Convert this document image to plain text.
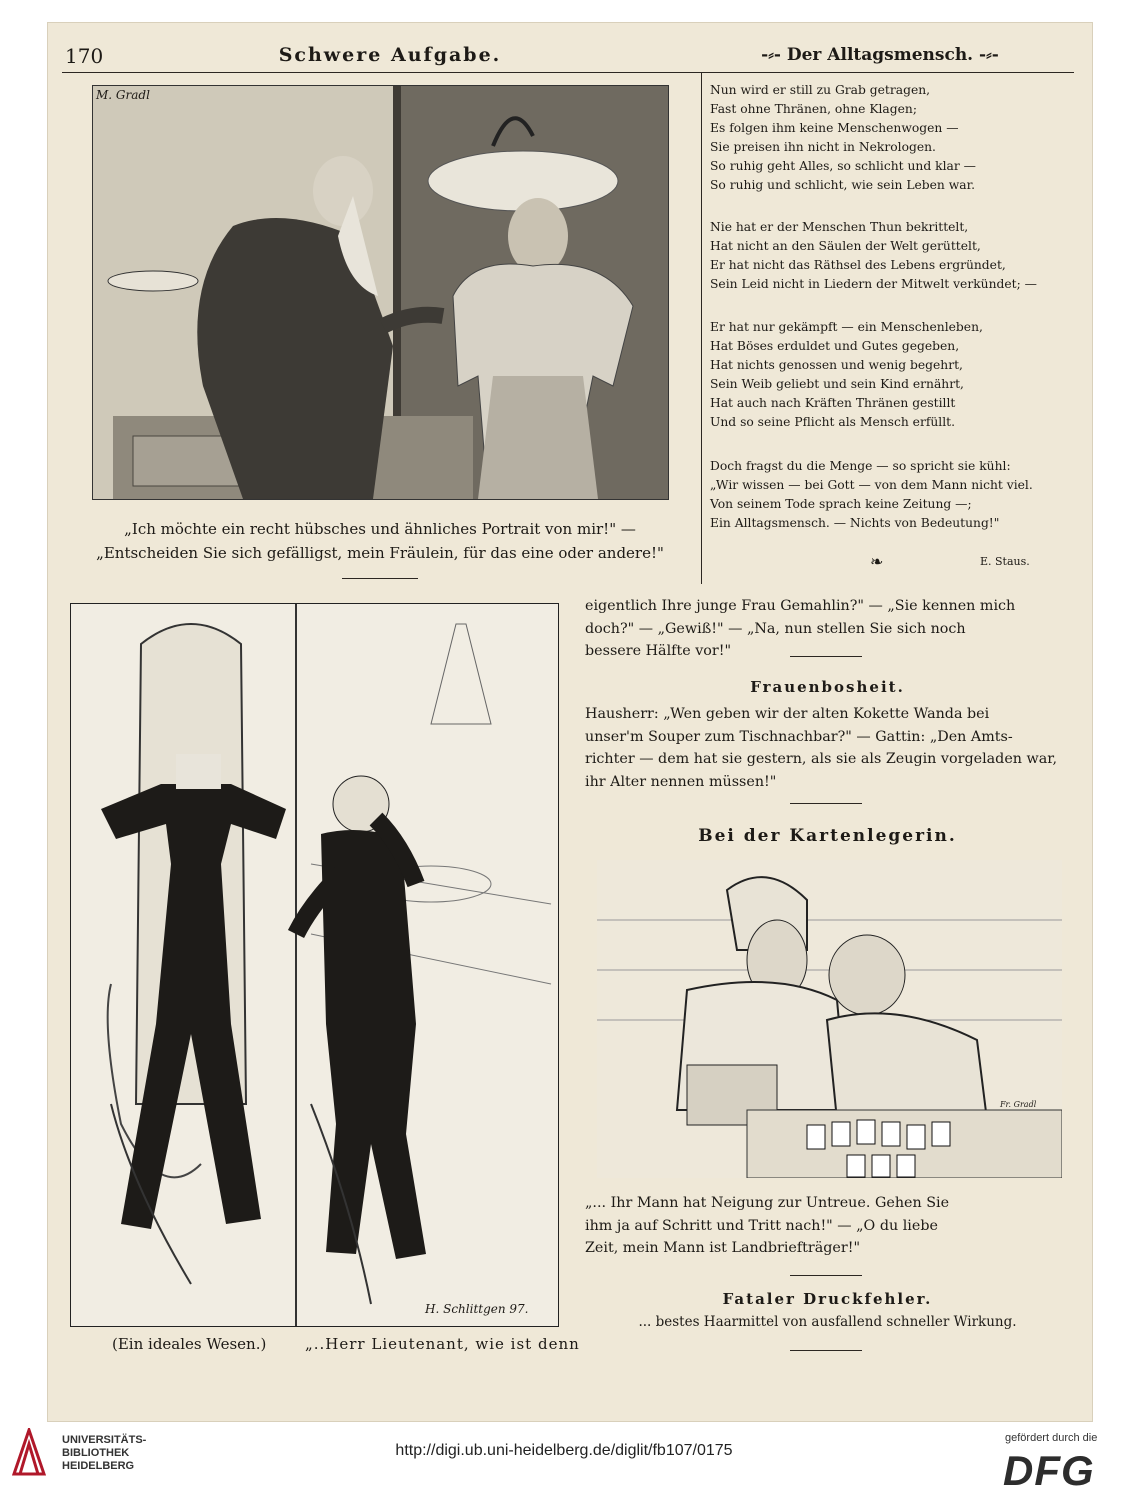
170	Schwere Aufgabe.	-⸗- Der Alltagsmensch. -⸗-
M. Gradl
„Ich möchte ein recht hübsches und ähnliches Portrait von mir!" —
„Entscheiden Sie sich gefälligst, mein Fräulein, für das eine oder andere!"
Nun wird er still zu Grab getragen,
Fast ohne Thränen, ohne Klagen;
Es folgen ihm keine Menschenwogen —
Sie preisen ihn nicht in Nekrologen.
So ruhig geht Alles, so schlicht und klar —
So ruhig und schlicht, wie sein Leben war.
Nie hat er der Menschen Thun bekrittelt,
Hat nicht an den Säulen der Welt gerüttelt,
Er hat nicht das Räthsel des Lebens ergründet,
Sein Leid nicht in Liedern der Mitwelt verkündet; —
Er hat nur gekämpft — ein Menschenleben,
Hat Böses erduldet und Gutes gegeben,
Hat nichts genossen und wenig begehrt,
Sein Weib geliebt und sein Kind ernährt,
Hat auch nach Kräften Thränen gestillt
Und so seine Pflicht als Mensch erfüllt.
Doch fragst du die Menge — so spricht sie kühl:
„Wir wissen — bei Gott — von dem Mann nicht viel.
Von seinem Tode sprach keine Zeitung —;
Ein Alltagsmensch. — Nichts von Bedeutung!"
❧	E. Staus.
H. Schlittgen 97.
(Ein ideales Wesen.)	„..Herr Lieutenant, wie ist denn
eigentlich Ihre junge Frau Gemahlin?" — „Sie kennen mich
doch?" — „Gewiß!" — „Na, nun stellen Sie sich noch
bessere Hälfte vor!"
Frauenbosheit.
Hausherr: „Wen geben wir der alten Kokette Wanda bei
unser'm Souper zum Tischnachbar?" — Gattin: „Den Amts-
richter — dem hat sie gestern, als sie als Zeugin vorgeladen war,
ihr Alter nennen müssen!"
Bei der Kartenlegerin.
Fr. Gradl
„... Ihr Mann hat Neigung zur Untreue. Gehen Sie
ihm ja auf Schritt und Tritt nach!" — „O du liebe
Zeit, mein Mann ist Landbriefträger!"
Fataler Druckfehler.
... bestes Haarmittel von ausfallend schneller Wirkung.
UNIVERSITÄTS-
BIBLIOTHEK
HEIDELBERG
http://digi.ub.uni-heidelberg.de/diglit/fb107/0175
gefördert durch die
DFG
